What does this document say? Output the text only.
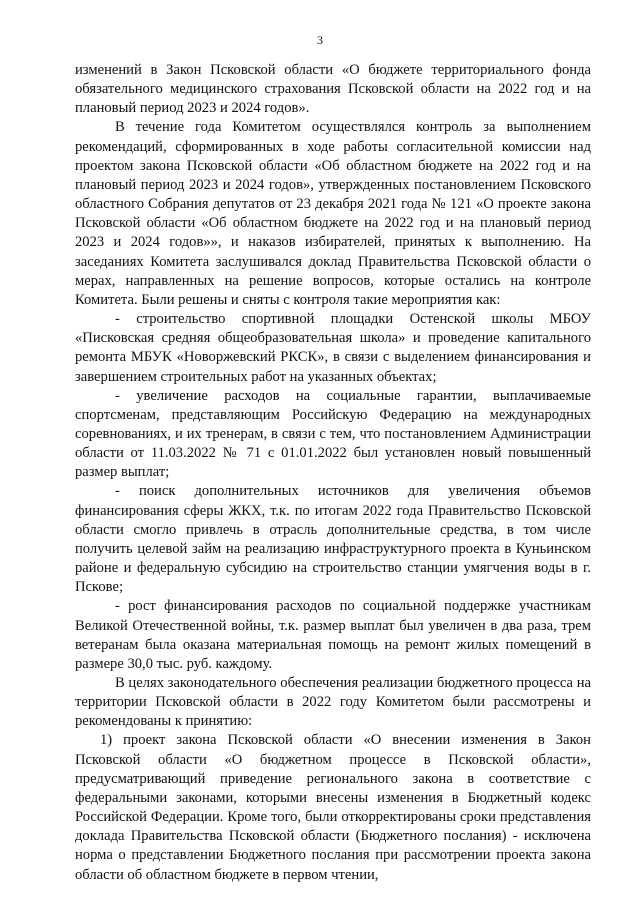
3

изменений в Закон Псковской области «О бюджете территориального фонда обязательного медицинского страхования Псковской области на 2022 год и на плановый период 2023 и 2024 годов».

В течение года Комитетом осуществлялся контроль за выполнением рекомендаций, сформированных в ходе работы согласительной комиссии над проектом закона Псковской области «Об областном бюджете на 2022 год и на плановый период 2023 и 2024 годов», утвержденных постановлением Псковского областного Собрания депутатов от 23 декабря 2021 года № 121 «О проекте закона Псковской области «Об областном бюджете на 2022 год и на плановый период 2023 и 2024 годов»», и наказов избирателей, принятых к выполнению. На заседаниях Комитета заслушивался доклад Правительства Псковской области о мерах, направленных на решение вопросов, которые остались на контроле Комитета. Были решены и сняты с контроля такие мероприятия как:

- строительство спортивной площадки Остенской школы МБОУ «Писковская средняя общеобразовательная школа» и проведение капитального ремонта МБУК «Новоржевский РКСК», в связи с выделением финансирования и завершением строительных работ на указанных объектах;

- увеличение расходов на социальные гарантии, выплачиваемые спортсменам, представляющим Российскую Федерацию на международных соревнованиях, и их тренерам, в связи с тем, что постановлением Администрации области от 11.03.2022 № 71 с 01.01.2022 был установлен новый повышенный размер выплат;

- поиск дополнительных источников для увеличения объемов финансирования сферы ЖКХ, т.к. по итогам 2022 года Правительство Псковской области смогло привлечь в отрасль дополнительные средства, в том числе получить целевой займ на реализацию инфраструктурного проекта в Куньинском районе и федеральную субсидию на строительство станции умягчения воды в г. Пскове;

- рост финансирования расходов по социальной поддержке участникам Великой Отечественной войны, т.к. размер выплат был увеличен в два раза, трем ветеранам была оказана материальная помощь на ремонт жилых помещений в размере 30,0 тыс. руб. каждому.

В целях законодательного обеспечения реализации бюджетного процесса на территории Псковской области в 2022 году Комитетом были рассмотрены и рекомендованы к принятию:

1) проект закона Псковской области «О внесении изменения в Закон Псковской области «О бюджетном процессе в Псковской области», предусматривающий приведение регионального закона в соответствие с федеральными законами, которыми внесены изменения в Бюджетный кодекс Российской Федерации. Кроме того, были откорректированы сроки представления доклада Правительства Псковской области (Бюджетного послания) - исключена норма о представлении Бюджетного послания при рассмотрении проекта закона области об областном бюджете в первом чтении,
